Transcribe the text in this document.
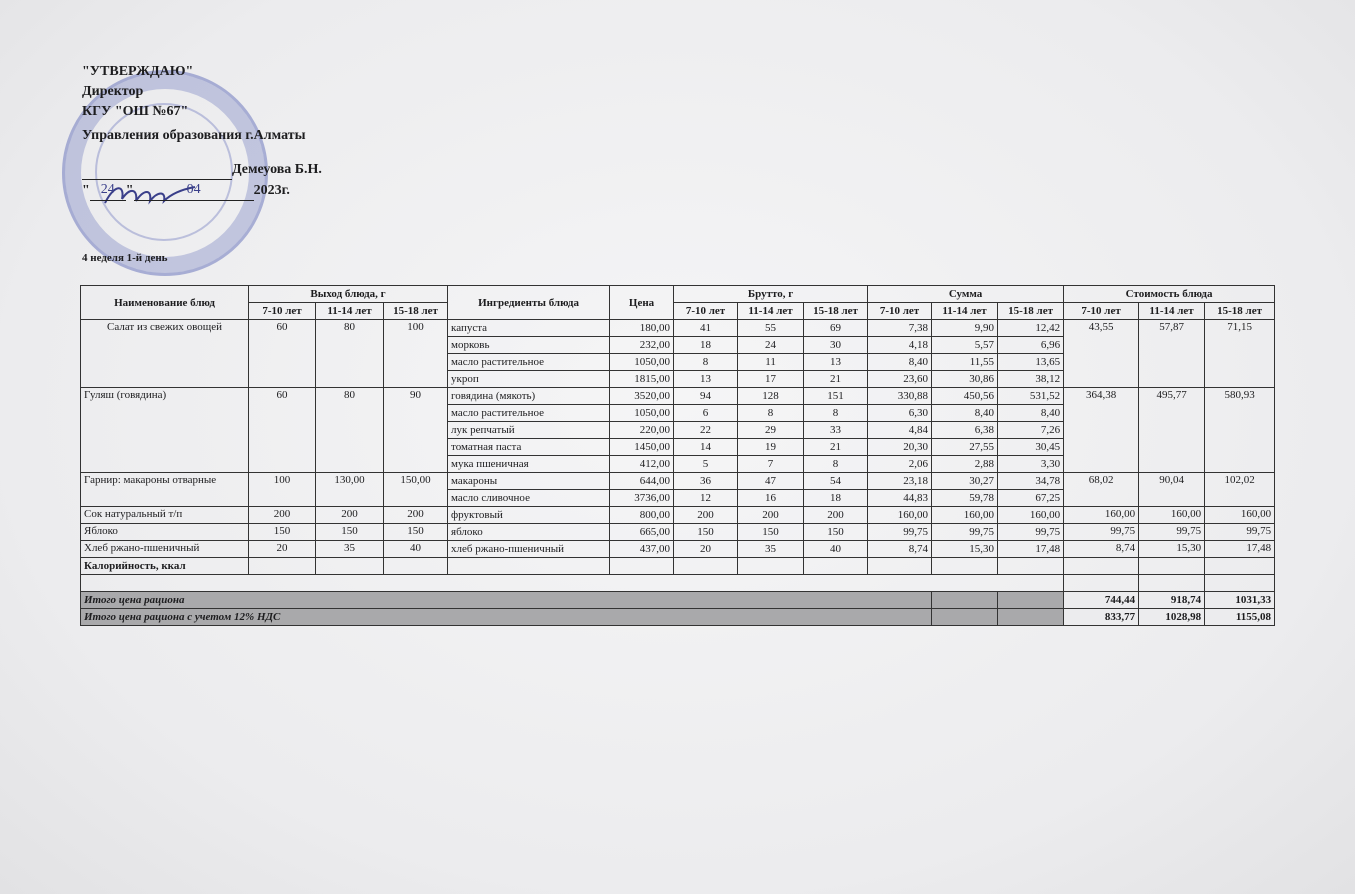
"УТВЕРЖДАЮ"
Директор
КГУ "ОШ №67"
Управления образования г.Алматы
Демеуова Б.Н.
" 24 "	04	2023г.
4 неделя 1-й день
Наименование блюд	Выход блюда, г			Ингредиенты блюда	Цена	Брутто, г			Сумма			Стоимость блюда		
	7-10 лет	11-14 лет	15-18 лет			7-10 лет	11-14 лет	15-18 лет	7-10 лет	11-14 лет	15-18 лет	7-10 лет	11-14 лет	15-18 лет
Салат из свежих овощей	60	80	100	капуста	180,00	41	55	69	7,38	9,90	12,42	43,55	57,87	71,15
				морковь	232,00	18	24	30	4,18	5,57	6,96			
				масло растительное	1050,00	8	11	13	8,40	11,55	13,65			
				укроп	1815,00	13	17	21	23,60	30,86	38,12			
Гуляш (говядина)	60	80	90	говядина (мякоть)	3520,00	94	128	151	330,88	450,56	531,52	364,38	495,77	580,93
				масло растительное	1050,00	6	8	8	6,30	8,40	8,40			
				лук репчатый	220,00	22	29	33	4,84	6,38	7,26			
				томатная паста	1450,00	14	19	21	20,30	27,55	30,45			
				мука пшеничная	412,00	5	7	8	2,06	2,88	3,30			
Гарнир: макароны отварные	100	130,00	150,00	макароны	644,00	36	47	54	23,18	30,27	34,78	68,02	90,04	102,02
				масло сливочное	3736,00	12	16	18	44,83	59,78	67,25			
Сок натуральный т/п	200	200	200	фруктовый	800,00	200	200	200	160,00	160,00	160,00	160,00	160,00	160,00
Яблоко	150	150	150	яблоко	665,00	150	150	150	99,75	99,75	99,75	99,75	99,75	99,75
Хлеб ржано-пшеничный	20	35	40	хлеб ржано-пшеничный	437,00	20	35	40	8,74	15,30	17,48	8,74	15,30	17,48
Калорийность, ккал														

Итого цена рациона												744,44	918,74	1031,33
Итого цена рациона с учетом 12% НДС												833,77	1028,98	1155,08
